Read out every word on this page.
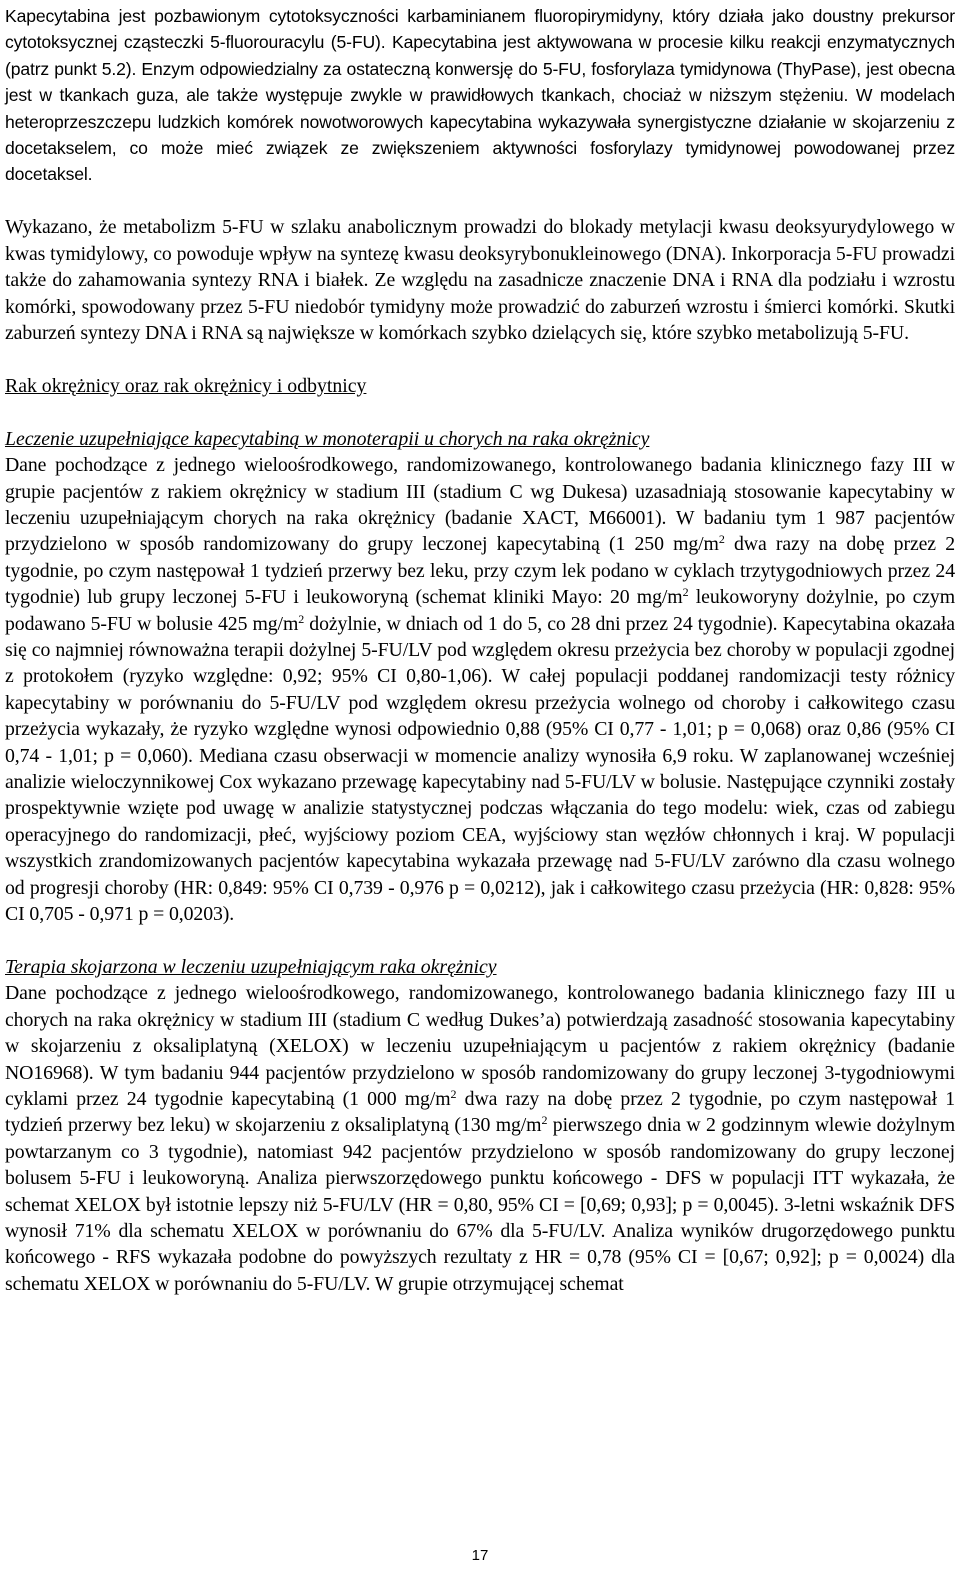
Kapecytabina jest pozbawionym cytotoksyczności karbaminianem fluoropirymidyny, który działa jako doustny prekursor cytotoksycznej cząsteczki 5-fluorouracylu (5-FU). Kapecytabina jest aktywowana w procesie kilku reakcji enzymatycznych (patrz punkt 5.2). Enzym odpowiedzialny za ostateczną konwersję do 5-FU, fosforylaza tymidynowa (ThyPase), jest obecna jest w tkankach guza, ale także występuje zwykle w prawidłowych tkankach, chociaż w niższym stężeniu. W modelach heteroprzeszczepu ludzkich komórek nowotworowych kapecytabina wykazywała synergistyczne działanie w skojarzeniu z docetakselem, co może mieć związek ze zwiększeniem aktywności fosforylazy tymidynowej powodowanej przez docetaksel.

Wykazano, że metabolizm 5-FU w szlaku anabolicznym prowadzi do blokady metylacji kwasu deoksyurydylowego w kwas tymidylowy, co powoduje wpływ na syntezę kwasu deoksyrybonukleinowego (DNA). Inkorporacja 5-FU prowadzi także do zahamowania syntezy RNA i białek. Ze względu na zasadnicze znaczenie DNA i RNA dla podziału i wzrostu komórki, spowodowany przez 5-FU niedobór tymidyny może prowadzić do zaburzeń wzrostu i śmierci komórki. Skutki zaburzeń syntezy DNA i RNA są największe w komórkach szybko dzielących się, które szybko metabolizują 5-FU.

Rak okrężnicy oraz rak okrężnicy i odbytnicy

Leczenie uzupełniające kapecytabiną w monoterapii u chorych na raka okrężnicy

Dane pochodzące z jednego wieloośrodkowego, randomizowanego, kontrolowanego badania klinicznego fazy III w grupie pacjentów z rakiem okrężnicy w stadium III (stadium C wg Dukesa) uzasadniają stosowanie kapecytabiny w leczeniu uzupełniającym chorych na raka okrężnicy (badanie XACT, M66001). W badaniu tym 1 987 pacjentów przydzielono w sposób randomizowany do grupy leczonej kapecytabiną (1 250 $mg/m^2$ dwa razy na dobę przez 2 tygodnie, po czym następował 1 tydzień przerwy bez leku, przy czym lek podano w cyklach trzytygodniowych przez 24 tygodnie) lub grupy leczonej 5-FU i leukoworyną (schemat kliniki Mayo: 20 $mg/m^2$ leukoworyny dożylnie, po czym podawano 5-FU w bolusie 425 $mg/m^2$ dożylnie, w dniach od 1 do 5, co 28 dni przez 24 tygodnie). Kapecytabina okazała się co najmniej równoważna terapii dożylnej 5-FU/LV pod względem okresu przeżycia bez choroby w populacji zgodnej z protokołem (ryzyko względne: 0,92; 95% CI 0,80-1,06). W całej populacji poddanej randomizacji testy różnicy kapecytabiny w porównaniu do 5-FU/LV pod względem okresu przeżycia wolnego od choroby i całkowitego czasu przeżycia wykazały, że ryzyko względne wynosi odpowiednio 0,88 (95% CI 0,77 - 1,01; p = 0,068) oraz 0,86 (95% CI 0,74 - 1,01; p = 0,060). Mediana czasu obserwacji w momencie analizy wynosiła 6,9 roku. W zaplanowanej wcześniej analizie wieloczynnikowej Cox wykazano przewagę kapecytabiny nad 5-FU/LV w bolusie. Następujące czynniki zostały prospektywnie wzięte pod uwagę w analizie statystycznej podczas włączania do tego modelu: wiek, czas od zabiegu operacyjnego do randomizacji, płeć, wyjściowy poziom CEA, wyjściowy stan węzłów chłonnych i kraj. W populacji wszystkich zrandomizowanych pacjentów kapecytabina wykazała przewagę nad 5-FU/LV zarówno dla czasu wolnego od progresji choroby (HR: 0,849: 95% CI 0,739 - 0,976 p = 0,0212), jak i całkowitego czasu przeżycia (HR: 0,828: 95% CI 0,705 - 0,971 p = 0,0203).

Terapia skojarzona w leczeniu uzupełniającym raka okrężnicy

Dane pochodzące z jednego wieloośrodkowego, randomizowanego, kontrolowanego badania klinicznego fazy III u chorych na raka okrężnicy w stadium III (stadium C według Dukes’a) potwierdzają zasadność stosowania kapecytabiny w skojarzeniu z oksaliplatyną (XELOX) w leczeniu uzupełniającym u pacjentów z rakiem okrężnicy (badanie NO16968). W tym badaniu 944 pacjentów przydzielono w sposób randomizowany do grupy leczonej 3-tygodniowymi cyklami przez 24 tygodnie kapecytabiną (1 000 $mg/m^2$ dwa razy na dobę przez 2 tygodnie, po czym następował 1 tydzień przerwy bez leku) w skojarzeniu z oksaliplatyną (130 $mg/m^2$ pierwszego dnia w 2 godzinnym wlewie dożylnym powtarzanym co 3 tygodnie), natomiast 942 pacjentów przydzielono w sposób randomizowany do grupy leczonej bolusem 5-FU i leukoworyną. Analiza pierwszorzędowego punktu końcowego - DFS w populacji ITT wykazała, że schemat XELOX był istotnie lepszy niż 5-FU/LV (HR = 0,80, 95% CI = [0,69; 0,93]; p = 0,0045). 3-letni wskaźnik DFS wynosił 71% dla schematu XELOX w porównaniu do 67% dla 5-FU/LV. Analiza wyników drugorzędowego punktu końcowego - RFS wykazała podobne do powyższych rezultaty z HR = 0,78 (95% CI = [0,67; 0,92]; p = 0,0024) dla schematu XELOX w porównaniu do 5-FU/LV. W grupie otrzymującej schemat

17
